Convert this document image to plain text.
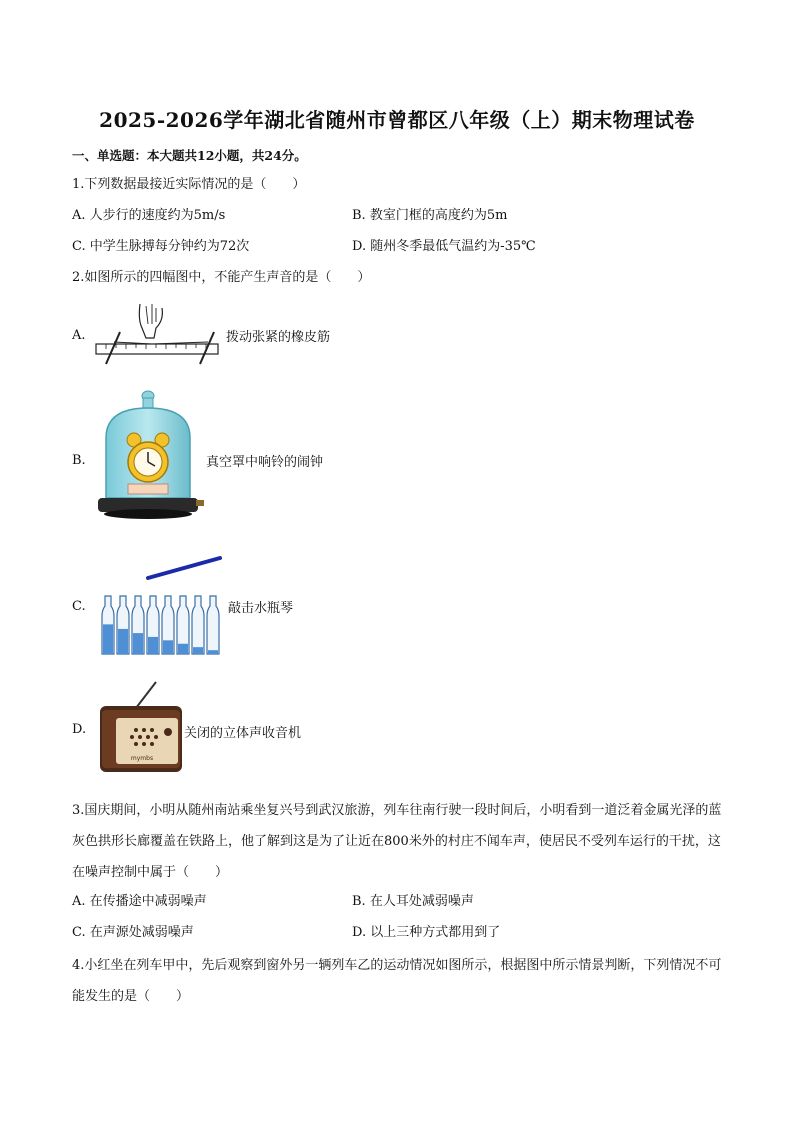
2025-2026学年湖北省随州市曾都区八年级（上）期末物理试卷
一、单选题：本大题共12小题，共24分。
1.下列数据最接近实际情况的是（　　）
A. 人步行的速度约为5m/s	B. 教室门框的高度约为5m
C. 中学生脉搏每分钟约为72次	D. 随州冬季最低气温约为-35℃
2.如图所示的四幅图中，不能产生声音的是（　　）
A.	拨动张紧的橡皮筋
B.	真空罩中响铃的闹钟
C.	敲击水瓶琴
D.
mymbs
关闭的立体声收音机
3.国庆期间，小明从随州南站乘坐复兴号到武汉旅游，列车往南行驶一段时间后，小明看到一道泛着金属光泽的蓝灰色拱形长廊覆盖在铁路上，他了解到这是为了让近在800米外的村庄不闻车声，使居民不受列车运行的干扰，这在噪声控制中属于（　　）
A. 在传播途中减弱噪声	B. 在人耳处减弱噪声
C. 在声源处减弱噪声	D. 以上三种方式都用到了
4.小红坐在列车甲中，先后观察到窗外另一辆列车乙的运动情况如图所示，根据图中所示情景判断，下列情况不可能发生的是（　　）
